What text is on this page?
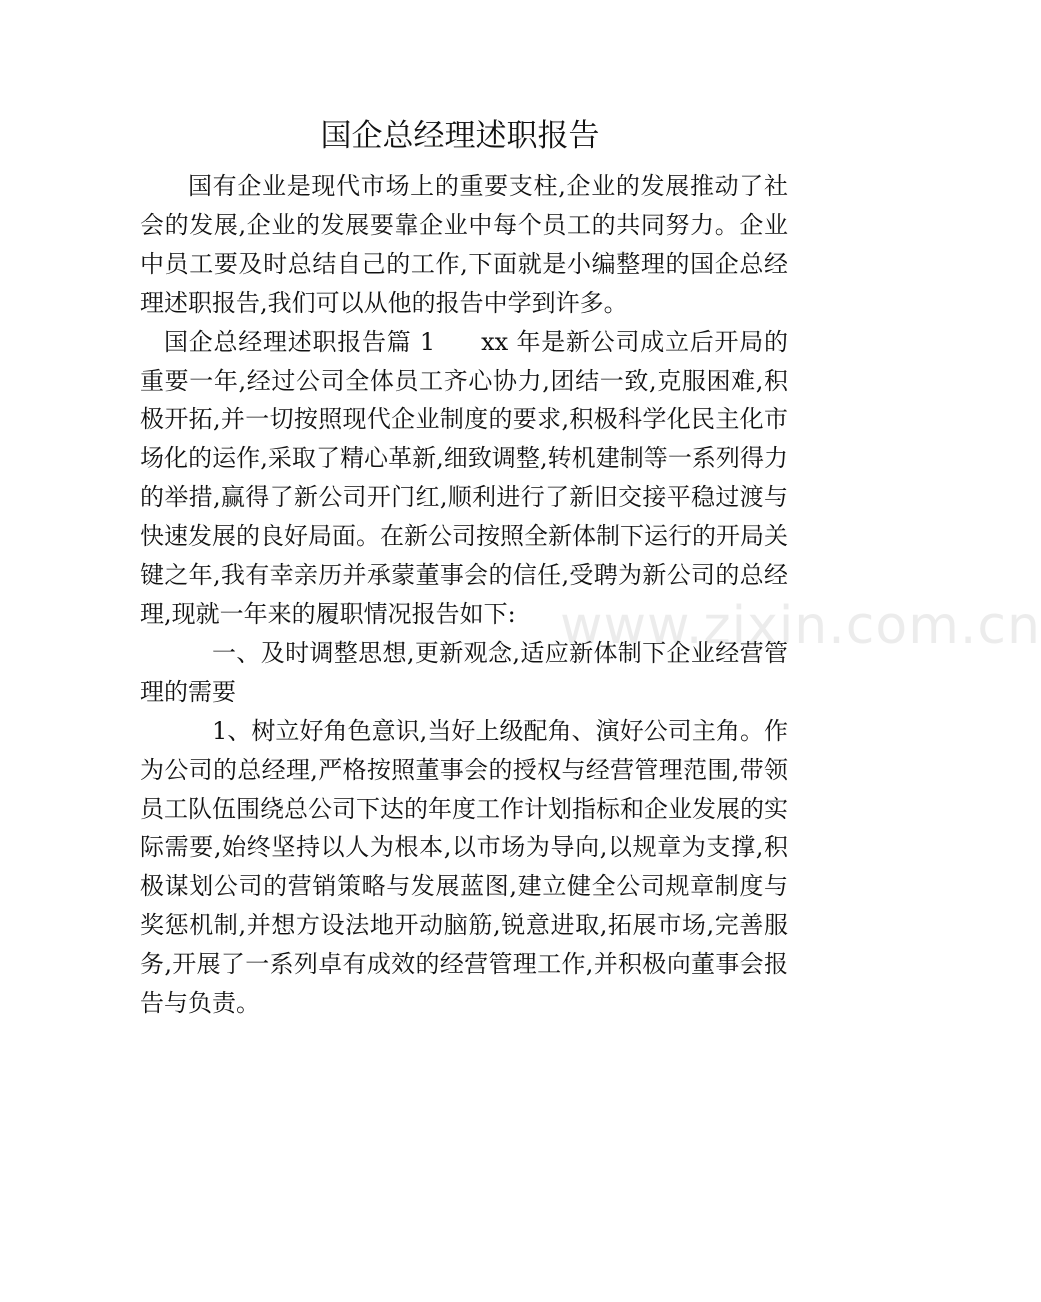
国企总经理述职报告

国有企业是现代市场上的重要支柱,企业的发展推动了社会的发展,企业的发展要靠企业中每个员工的共同努力。企业中员工要及时总结自己的工作,下面就是小编整理的国企总经理述职报告,我们可以从他的报告中学到许多。

国企总经理述职报告篇 1 xx 年是新公司成立后开局的重要一年,经过公司全体员工齐心协力,团结一致,克服困难,积极开拓,并一切按照现代企业制度的要求,积极科学化民主化市场化的运作,采取了精心革新,细致调整,转机建制等一系列得力的举措,赢得了新公司开门红,顺利进行了新旧交接平稳过渡与快速发展的良好局面。在新公司按照全新体制下运行的开局关键之年,我有幸亲历并承蒙董事会的信任,受聘为新公司的总经理,现就一年来的履职情况报告如下:

一、及时调整思想,更新观念,适应新体制下企业经营管理的需要

1、树立好角色意识,当好上级配角、演好公司主角。作为公司的总经理,严格按照董事会的授权与经营管理范围,带领员工队伍围绕总公司下达的年度工作计划指标和企业发展的实际需要,始终坚持以人为根本,以市场为导向,以规章为支撑,积极谋划公司的营销策略与发展蓝图,建立健全公司规章制度与奖惩机制,并想方设法地开动脑筋,锐意进取,拓展市场,完善服务,开展了一系列卓有成效的经营管理工作,并积极向董事会报告与负责。

www.zixin.com.cn
